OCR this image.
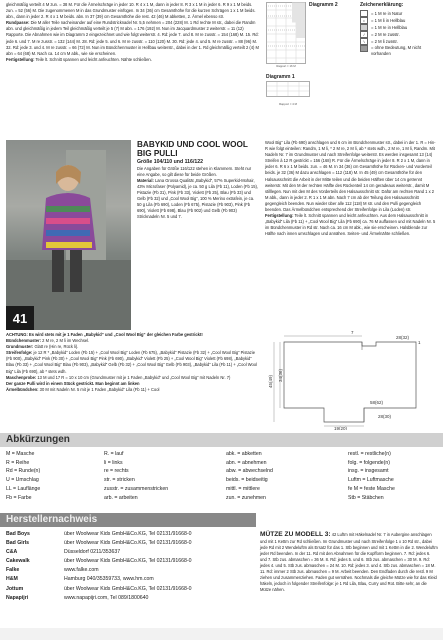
gleichmäßig verteilt 4 M zun. = 38 M. Für die Ärmelschräge in jeder 10. R 4 x 1 M, dann in jeder 8. R 3 x 1 M in jeder 6. R 9 x 1 M beids. zun. = 52 (56) M. Die zugenommenen M in das Grundmuster einfügen. In 34 (36) cm Gesamthöhe für die kurzen Schrägen 1 x 1 M beids. abn., dann in jeder 2. R 4 x 1 M beids. abn. In 37 (39) cm Gesamthöhe die rest. 42 (46) M abketten, 2. Ärmel ebenso str.

Rundpasse: Die M aller Teile nacheinander auf eine Rundstricknadel Nr. 5,5 nehmen = 204 (228) M. 1 Rd rechte M str., dabei die Randm abn. und gleichmäßig in jedem Teil gleichmäßig verteilt je 5 (7) M abn. = 176 (192) M. Nun im Jacquardmuster 2 weiterstr. = 11 (12) Rapporte. Die Abnahmen wie im Diagramm 2 eingezeichnet und wie folgt weiterstr. 4. Rd: jede 7. und 8. M re zusstr. = 154 (168) M. 15. Rd: jede 6. und 7. M re zusstr. = 132 (144) M. 28. Rd: jede 5. und 6. M re zusstr. = 110 (120) M. 30. Rd: jede 4. und 5. M re zusstr. = 88 (96) M. 32. Rd: jede 3. und 4. M re zusstr. = 66 (72) M. Nun im Bündchenmuster in Hellbau weiterstr., dabei in der 1. Rd gleichmäßig verteilt 2 (4) M abn = 64 (68) M. Nach ca. 14 cm M abk., wie sie erscheinen.

Fertigstellung: Teile lt. Schnitt spannen und leicht anfeuchten. Nähte schließen.

Diagramm 2
Rapport = 16 M
Diagramm 1
Rapport = 4 M
Zeichenerklärung:
= 1 M re in Natur
•	= 1 M li in Hellblau
= 1 M re in Hellblau
/	= 2 M re zusstr.
\	= 2 M li zusstr.
= ohne Bedeutung, M nicht vorhanden
41

BABYKID UND COOL WOOL BIG PULLI

Größe 104/110 und 116/122
Die Angaben für Größe 116/122 stehen in Klammern. Steht nur eine Angabe, so gilt diese für beide Größen.
Material: Lana Grossa Qualität „Babykid“, 57% Superkid-Mohair, 43% Microfaser (Polyamid), je ca. 50 g Lila (Fb 11), Loden (Fb 15), Pistazie (Fb 31), Pink (Fb 33), Violett (Fb 25), Blau (Fb 33) und Gelb (Fb 32) und „Cool Wool Big“, 100 % Merino extrafein, je ca. 50 g Lila (Fb 690), Loden (Fb 675), Pistazie (Fb 903), Pink (Fb 690), Violett (Fb 698), Blau (Fb 902) und Gelb (Fb 903) Stricknadeln Nr. 5 und 7.

ACHTUNG: Es wird stets mit je 1 Faden „Babykid“ und „Cool Wool Big“ der gleichen Farbe gestrickt!

Bündchenmuster: 2 M re, 2 M li im Wechsel.

Grundmuster: Glatt re (Hin re, Rück li).

Streifenfolge: je 12 R * „Babykid“ Loden (Fb 15) + „Cool Wool Big“ Loden (Fb 675), „Babykid“ Pistazie (Fb 32) + „Cool Wool Big“ Pistazie (Fb 900), „Babykid“ Pink (Fb 30) + „Cool Wool Big“ Pink (Fb 690), „Babykid“ Violett (Fb 25) + „Cool Wool Big“ Violett (Fb 698), „Babykid“ Blau (Fb 33) + „Cool Wool Big“ Blau (Fb 903), „Babykid“ Gelb (Fb 32) + „Cool Wool Big“ Gelb (Fb 903), „Babykid“ Lila (Fb 11) + „Cool Wool Big“ Lila (Fb 690), ab * stets wdh.

Maschenprobe: 13 M und 17 R = 10 x 10 cm (Grundmuster mit je 1 Faden „Babykid“ und „Cool Wool Big“ mit Nadeln Nr. 7)

Der ganze Pulli wird in einem Stück gestrickt. Man beginnt am linken

Ärmelbündchen: 30 M mit Nadeln Nr. 5 mit je 1 Faden „Babykid“ Lila (Fb 11) + Cool

Wool Big“ Lila (Fb 690) anschlagen und 6 cm im Bündchenmuster str., dabei in der 1. R = Hin-R wie folgt einteilen: Randm, 1 M li, * 2 M re, 2 M li, ab * stets wdh., 2 M re, 1 M li, Randm. Mit Nadeln Nr. 7 im Grundmuster und nach Streifenfolge weiterstr. Es werden insgesamt 13 (14) Streifen à 12 R gestrickt = 156 (168) R. Für die Ärmelschräge in jeder 8. R 2 x 1 M, dann in jeder 6. R 6 x 1 M beids. zun. = 46 M. In 34 (36) cm Gesamthöhe für Rücken- und Vorderteil beids. je 32 (36) M dazu anschlagen = 112 (118) M. In 45 (49) cm Gesamthöhe für den Halsausschnitt die Arbeit in der Mitte teilen und die beiden Hälften über 14 cm getrennt weiterstr. Mit den M der rechten Hälfte des Rückenteil 14 cm geradeaus weiterstr., damit M stilllegen. Nun mit den M des Vorderteils den Halsausschnitt str. Dafür am rechten Rand 1 x 2 M abk., dann in jeder 2. R 1 x 1 M abn. Nach 7 cm ab der Teilung den Halsausschnitt gegengleich beenden. Nun wieder über alle 112 (118) M str. und den Pulli gegengleich beenden. Das Ärmelbündchen entsprechend der Streifenfolge in Lila (Loden) str.

Fertigstellung: Teile lt. Schnitt spannen und leicht anfeuchten. Aus dem Halsausschnitt in „Babykid“ Lila (Fb 11) + „Cool Wool Big“ Lila (Fb 690) ca. 76 M auffassen und mit Nadeln Nr. 5 im Bündchenmuster in Rd str. Nach ca. 16 cm M abk., wie sie erscheinen. Halsblende zur Hälfte nach innen umschlagen und annähen. Seiten- und Ärmelnähte schließen.

7
28(32)
1
34(36)
45(49)
19(20)
28(30)
58(62)
Abkürzungen
M = Masche
R = Reihe
Rd = Runde(n)
U = Umschlag
LL = Lauflänge
Fb = Farbe
R. = lauf
li = links
re = rechts
str. = stricken
zusstr. = zusammenstricken
arb. = arbeiten
abk. = abketten
abn. = abnehmen
abw. = abwechselnd
beids. = beidseitig
mittl. = mittlere
zun. = zunehmen
restl. = restliche(n)
folg. = folgende(n)
insg. = insgesamt
Luftm = Luftmasche
fe M = feste Masche
Stb = Stäbchen
Herstellernachweis
Bad Boys	über Woolwear Kids GmbH&Co.KG, Tel 02131/91668-0
Bad Girls	über Woolwear Kids GmbH&Co.KG, Tel 02131/91668-0
C&A	Düsseldorf 0211/353637
Cakewalk	über Woolwear Kids GmbH&Co.KG, Tel 02131/91668-0
Falke	www.falke.com
H&M	Hamburg 040/35359733, www.hm.com
Jottum	über Woolwear Kids GmbH&Co.KG, Tel 02131/91668-0
Napapijri	www.napapijri.com, Tel 089/1800640
MÜTZE ZU MODELL 3: 42 Luftm mit Häkelnadel Nr. 7 in Aubergine anschlagen und mit 1 Kettm zur Rd schließen. Im Grundmuster und nach Streifenfolge 1 x 10 Rd str., dabei jede Rd mit 2 Wendeluftm als Ersatz für das 1. Stb beginnen und mit 1 Kettm in die 2. Wendeluftm jeder Rd beenden. In der 11. Rd mit den Abnahmen für die Kopfform beginnen. 7. Rd: jedes 6. und 7. Stb zus. abmaschen = 36 M. 8. Rd: jedes 5. und 6. Stb zus. abmaschen = 30 M. 9. Rd: jedes 4. und 5. Stb zus. abmaschen = 24 M. 10. Rd: jedes 3. und 4. Stb zus. abmaschen = 18 M. 11. Rd: immer 2 Stb zus. abmaschen = 9 M. Arbeit beenden. Den Endfaden durch die restl. 9 M ziehen und zusammenziehen. Faden gut vernähen. Nochmals die gleiche Mütze wie für das Kleid häkeln, jedoch in folgender Streifenfolge: je 1 Rd Lila, Blau, Curry und Rot. Bitte sehr, an die Mütze nähen.
